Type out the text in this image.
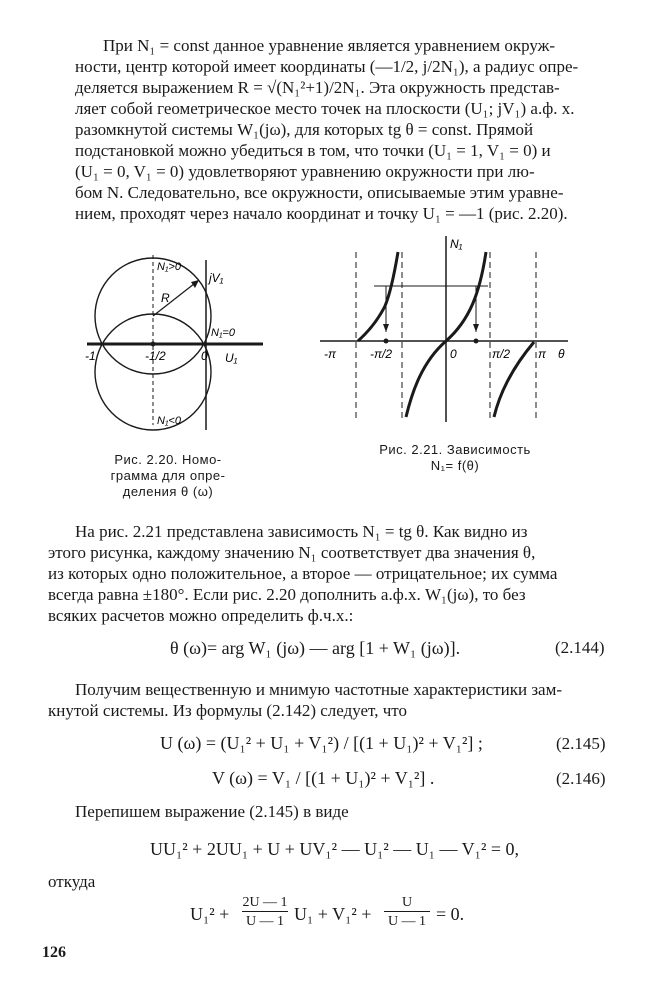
При N₁ = const данное уравнение является уравнением окруж-
ности, центр которой имеет координаты (—1/2, j/2N₁), а радиус опре-
деляется выражением R = √(N₁²+1)/2N₁. Эта окружность представ-
ляет собой геометрическое место точек на плоскости (U₁; jV₁) а.ф. х.
разомкнутой системы W₁(jω), для которых tg θ = const. Прямой
подстановкой можно убедиться в том, что точки (U₁ = 1, V₁ = 0) и
(U₁ = 0, V₁ = 0) удовлетворяют уравнению окружности при лю-
бом N. Следовательно, все окружности, описываемые этим уравне-
нием, проходят через начало координат и точку U₁ = —1 (рис. 2.20).
N₁>0
jV₁
R
N₁=0
-1	-1/2	0 U₁
N₁<0
Рис. 2.20. Номо-
грамма для опре-
деления θ (ω)
N₁
-π	-π/2	0	π/2 π θ
Рис. 2.21. Зависимость
N₁= f(θ)
На рис. 2.21 представлена зависимость N₁ = tg θ. Как видно из
этого рисунка, каждому значению N₁ соответствует два значения θ,
из которых одно положительное, а второе — отрицательное; их сумма
всегда равна ±180°. Если рис. 2.20 дополнить а.ф.х. W₁(jω), то без
всяких расчетов можно определить ф.ч.х.:
θ (ω)= arg W₁ (jω) — arg [1 + W₁ (jω)].	(2.144)
Получим вещественную и мнимую частотные характеристики зам-
кнутой системы. Из формулы (2.142) следует, что
U (ω) = (U₁² + U₁ + V₁²) / [(1 + U₁)² + V₁²] ;	(2.145)
V (ω) = V₁ / [(1 + U₁)² + V₁²] .	(2.146)
Перепишем выражение (2.145) в виде
UU₁² + 2UU₁ + U + UV₁² — U₁² — U₁ — V₁² = 0,
откуда
U₁² +
2U — 1
U — 1 U₁ + V₁² +
U
U — 1 = 0.
126
